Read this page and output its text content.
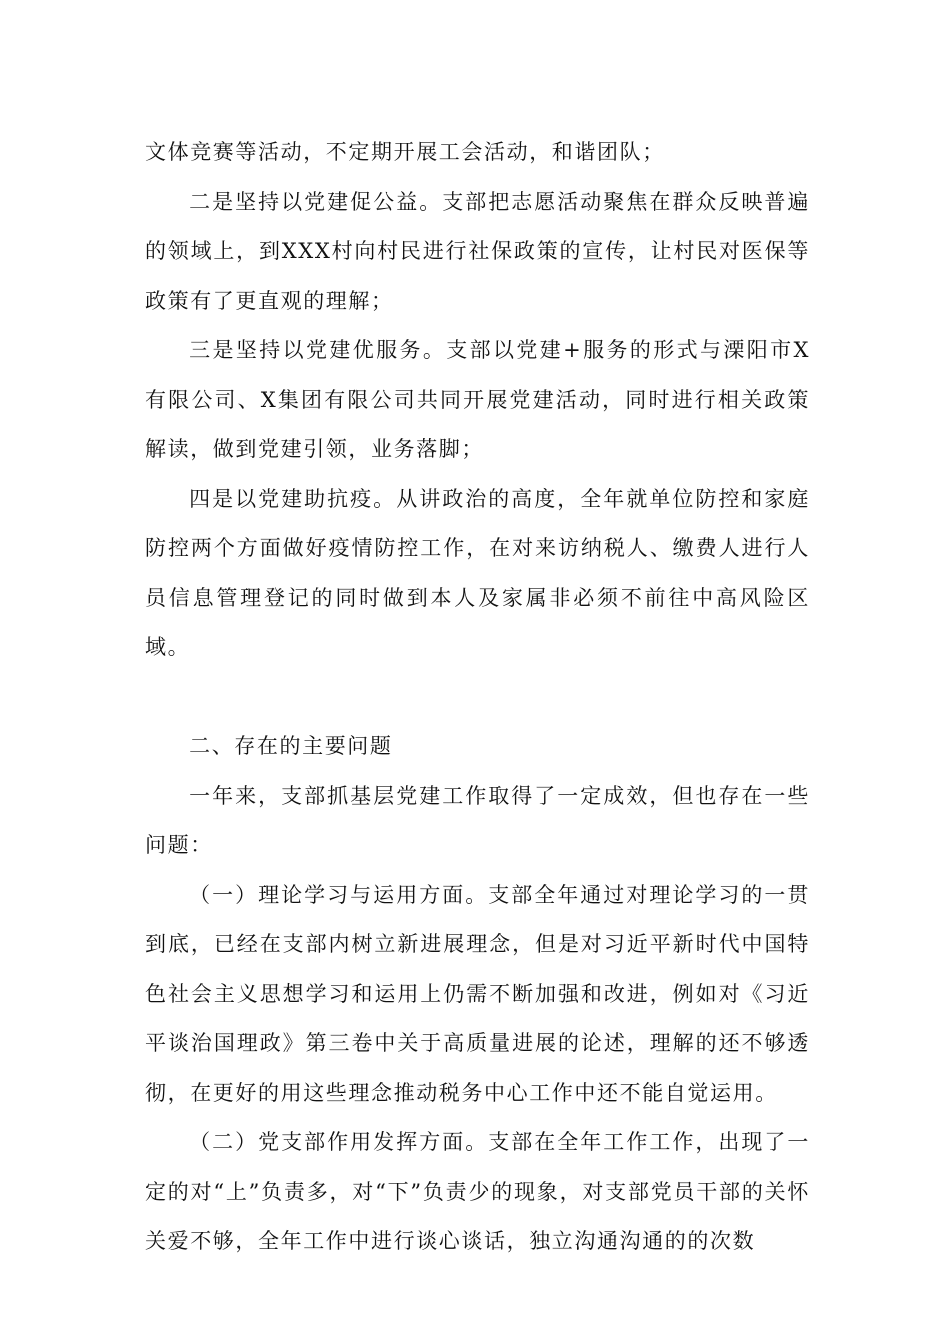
文体竞赛等活动，不定期开展工会活动，和谐团队；

二是坚持以党建促公益。支部把志愿活动聚焦在群众反映普遍的领域上，到XXX村向村民进行社保政策的宣传，让村民对医保等政策有了更直观的理解；

三是坚持以党建优服务。支部以党建+服务的形式与溧阳市X有限公司、X集团有限公司共同开展党建活动，同时进行相关政策解读，做到党建引领，业务落脚；

四是以党建助抗疫。从讲政治的高度，全年就单位防控和家庭防控两个方面做好疫情防控工作，在对来访纳税人、缴费人进行人员信息管理登记的同时做到本人及家属非必须不前往中高风险区域。

二、存在的主要问题

一年来，支部抓基层党建工作取得了一定成效，但也存在一些问题：

（一）理论学习与运用方面。支部全年通过对理论学习的一贯到底，已经在支部内树立新进展理念，但是对习近平新时代中国特色社会主义思想学习和运用上仍需不断加强和改进，例如对《习近平谈治国理政》第三卷中关于高质量进展的论述，理解的还不够透彻，在更好的用这些理念推动税务中心工作中还不能自觉运用。

（二）党支部作用发挥方面。支部在全年工作工作，出现了一定的对“上”负责多，对“下”负责少的现象，对支部党员干部的关怀关爱不够，全年工作中进行谈心谈话，独立沟通沟通的的次数
